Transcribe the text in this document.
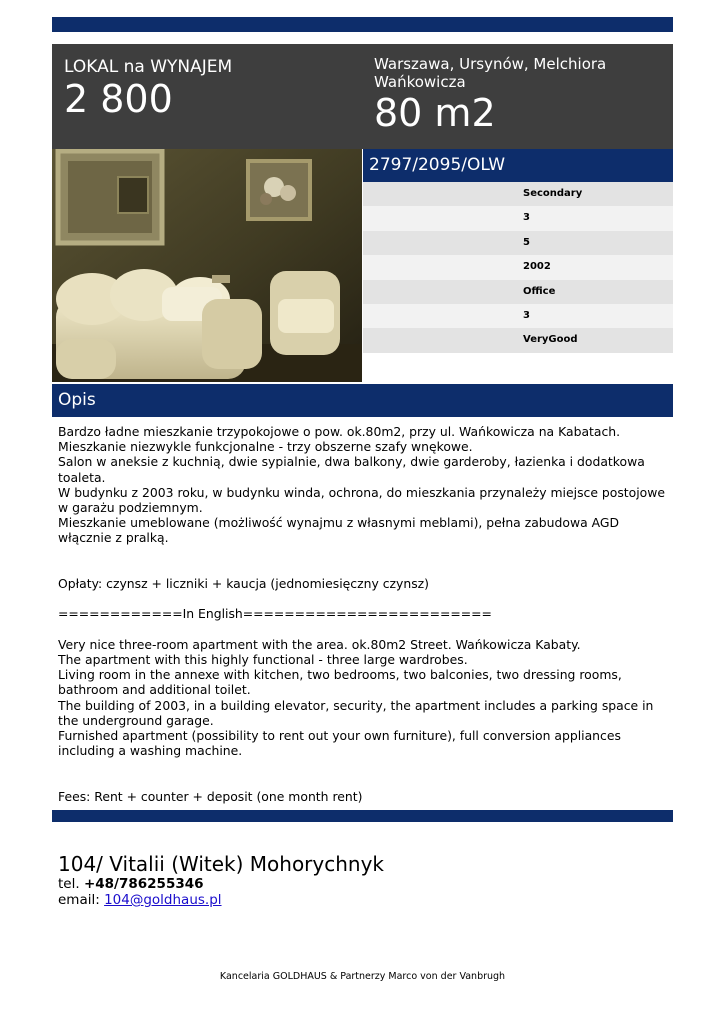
LOKAL na WYNAJEM
2 800
Warszawa, Ursynów, Melchiora Wańkowicza
80 m2
2797/2095/OLW
Secondary
3
5
2002
Office
3
VeryGood
Opis
Bardzo ładne mieszkanie trzypokojowe o pow. ok.80m2, przy ul. Wańkowicza na Kabatach.
Mieszkanie niezwykle funkcjonalne - trzy obszerne szafy wnękowe.
Salon w aneksie z kuchnią, dwie sypialnie, dwa balkony, dwie garderoby, łazienka i dodatkowa toaleta.
W budynku z 2003 roku, w budynku winda, ochrona, do mieszkania przynależy miejsce postojowe w garażu podziemnym.
Mieszkanie umeblowane (możliwość wynajmu z własnymi meblami), pełna zabudowa AGD włącznie z pralką.

Opłaty: czynsz + liczniki + kaucja (jednomiesięczny czynsz)

============In English========================

Very nice three-room apartment with the area. ok.80m2 Street. Wańkowicza Kabaty.
The apartment with this highly functional - three large wardrobes.
Living room in the annexe with kitchen, two bedrooms, two balconies, two dressing rooms, bathroom and additional toilet.
The building of 2003, in a building elevator, security, the apartment includes a parking space in the underground garage.
Furnished apartment (possibility to rent out your own furniture), full conversion appliances including a washing machine.

Fees: Rent + counter + deposit (one month rent)
104/ Vitalii (Witek) Mohorychnyk
tel. +48/786255346
email: 104@goldhaus.pl
Kancelaria GOLDHAUS & Partnerzy Marco von der Vanbrugh
